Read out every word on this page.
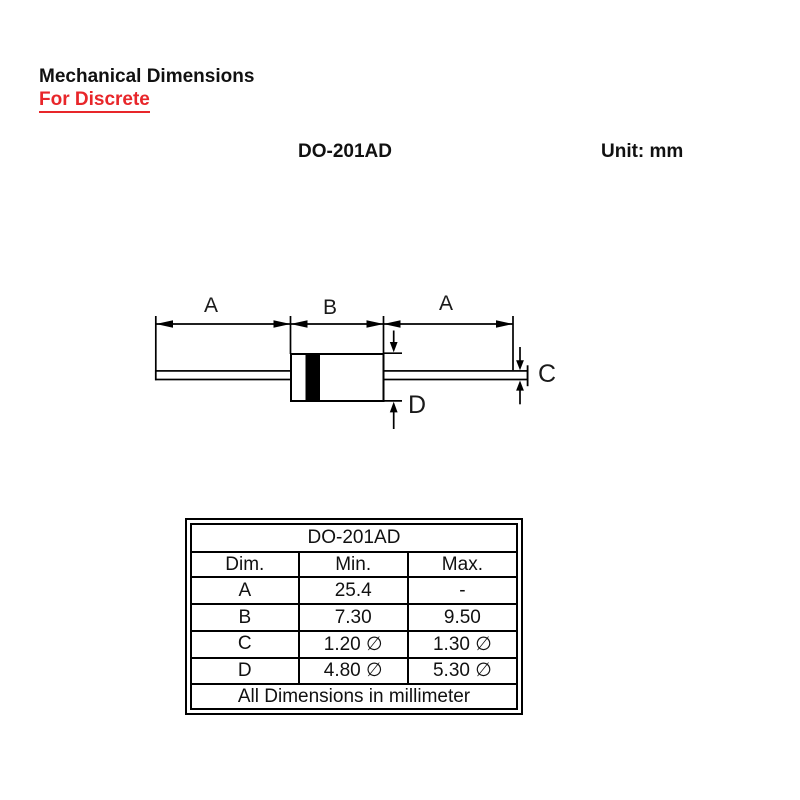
Mechanical Dimensions
For Discrete
DO-201AD	Unit: mm
A	B	A
C
D
DO-201AD		
Dim.	Min.	Max.
A	25.4	-
B	7.30	9.50
C	1.20 ∅	1.30 ∅
D	4.80 ∅	5.30 ∅
All Dimensions in millimeter		
